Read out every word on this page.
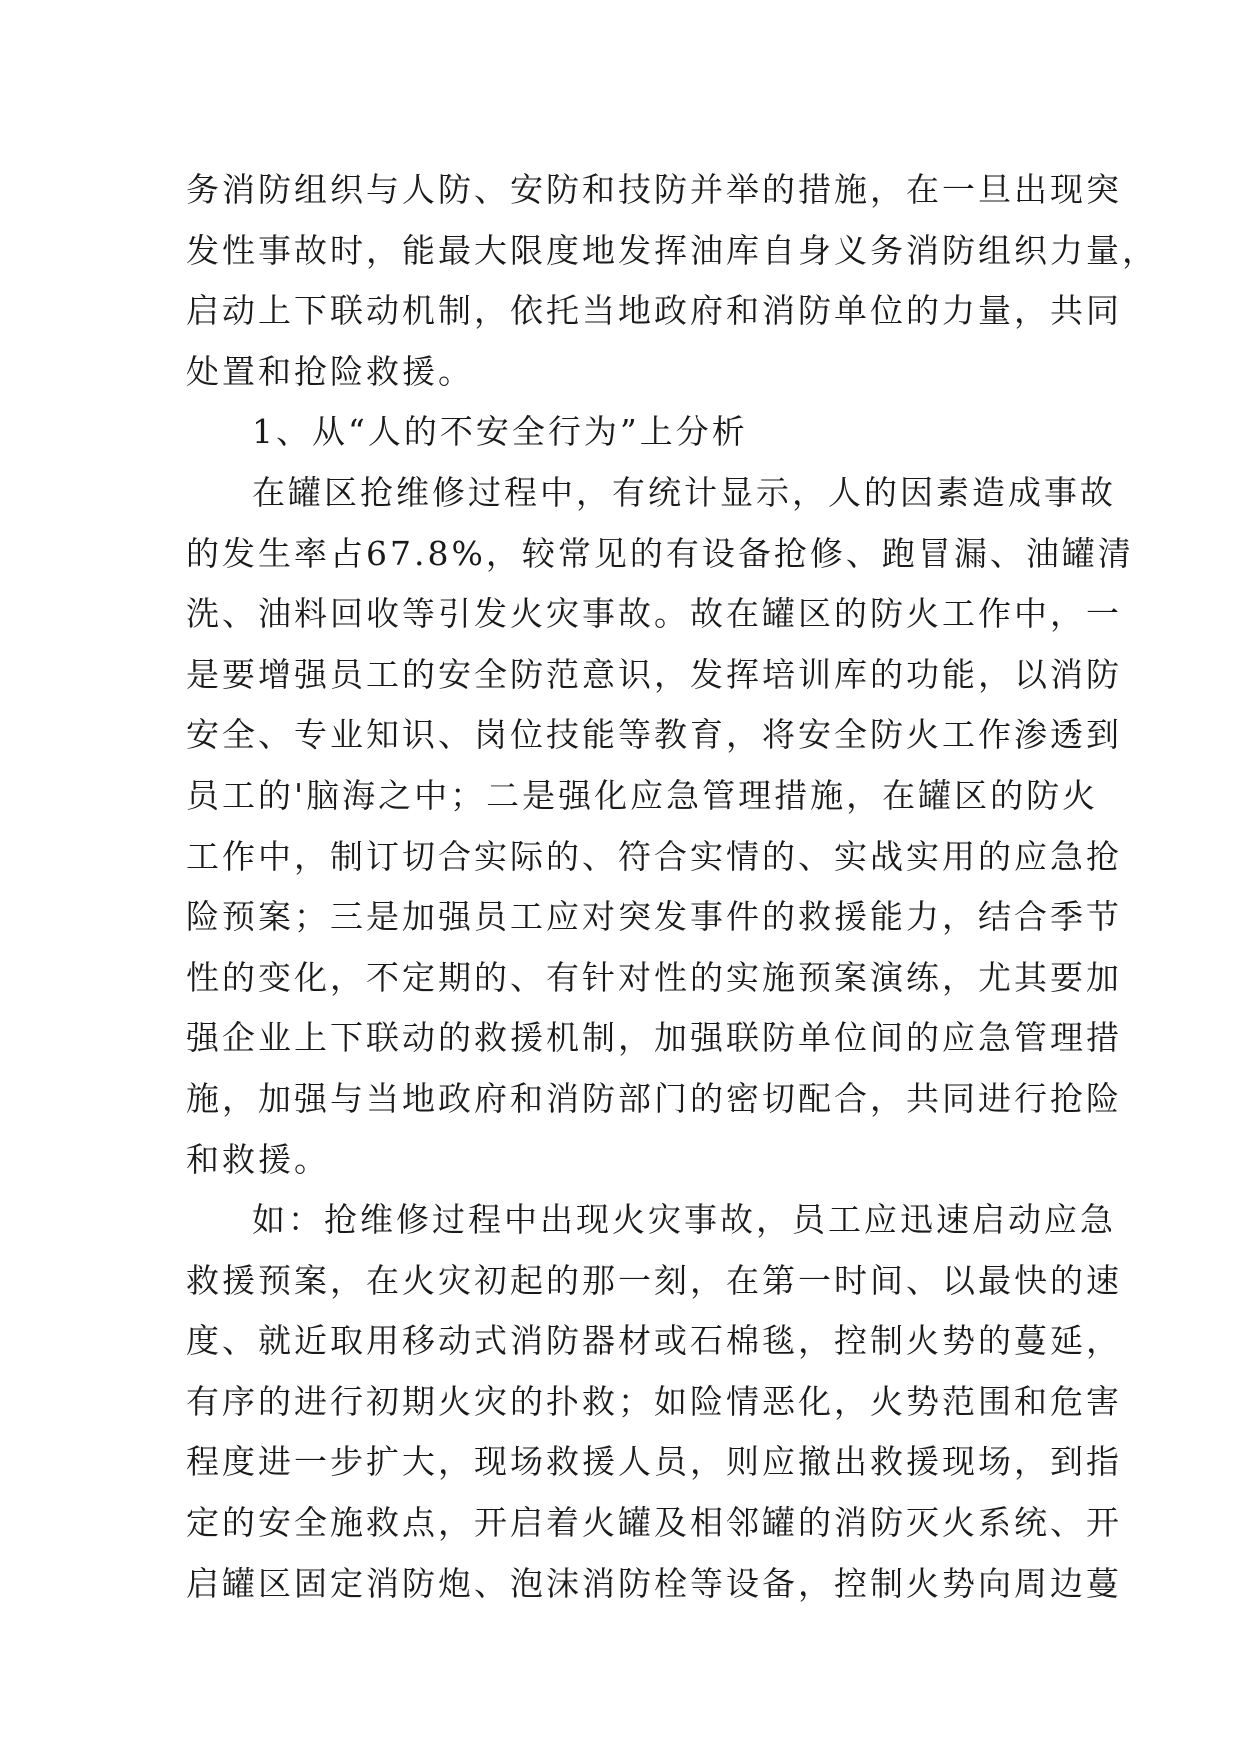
务消防组织与人防、安防和技防并举的措施，在一旦出现突
发性事故时，能最大限度地发挥油库自身义务消防组织力量，
启动上下联动机制，依托当地政府和消防单位的力量，共同
处置和抢险救援。
1、从“人的不安全行为”上分析
在罐区抢维修过程中，有统计显示，人的因素造成事故
的发生率占67.8%，较常见的有设备抢修、跑冒漏、油罐清
洗、油料回收等引发火灾事故。故在罐区的防火工作中，一
是要增强员工的安全防范意识，发挥培训库的功能，以消防
安全、专业知识、岗位技能等教育，将安全防火工作渗透到
员工的'脑海之中；二是强化应急管理措施，在罐区的防火
工作中，制订切合实际的、符合实情的、实战实用的应急抢
险预案；三是加强员工应对突发事件的救援能力，结合季节
性的变化，不定期的、有针对性的实施预案演练，尤其要加
强企业上下联动的救援机制，加强联防单位间的应急管理措
施，加强与当地政府和消防部门的密切配合，共同进行抢险
和救援。
如：抢维修过程中出现火灾事故，员工应迅速启动应急
救援预案，在火灾初起的那一刻，在第一时间、以最快的速
度、就近取用移动式消防器材或石棉毯，控制火势的蔓延，
有序的进行初期火灾的扑救；如险情恶化，火势范围和危害
程度进一步扩大，现场救援人员，则应撤出救援现场，到指
定的安全施救点，开启着火罐及相邻罐的消防灭火系统、开
启罐区固定消防炮、泡沫消防栓等设备，控制火势向周边蔓
